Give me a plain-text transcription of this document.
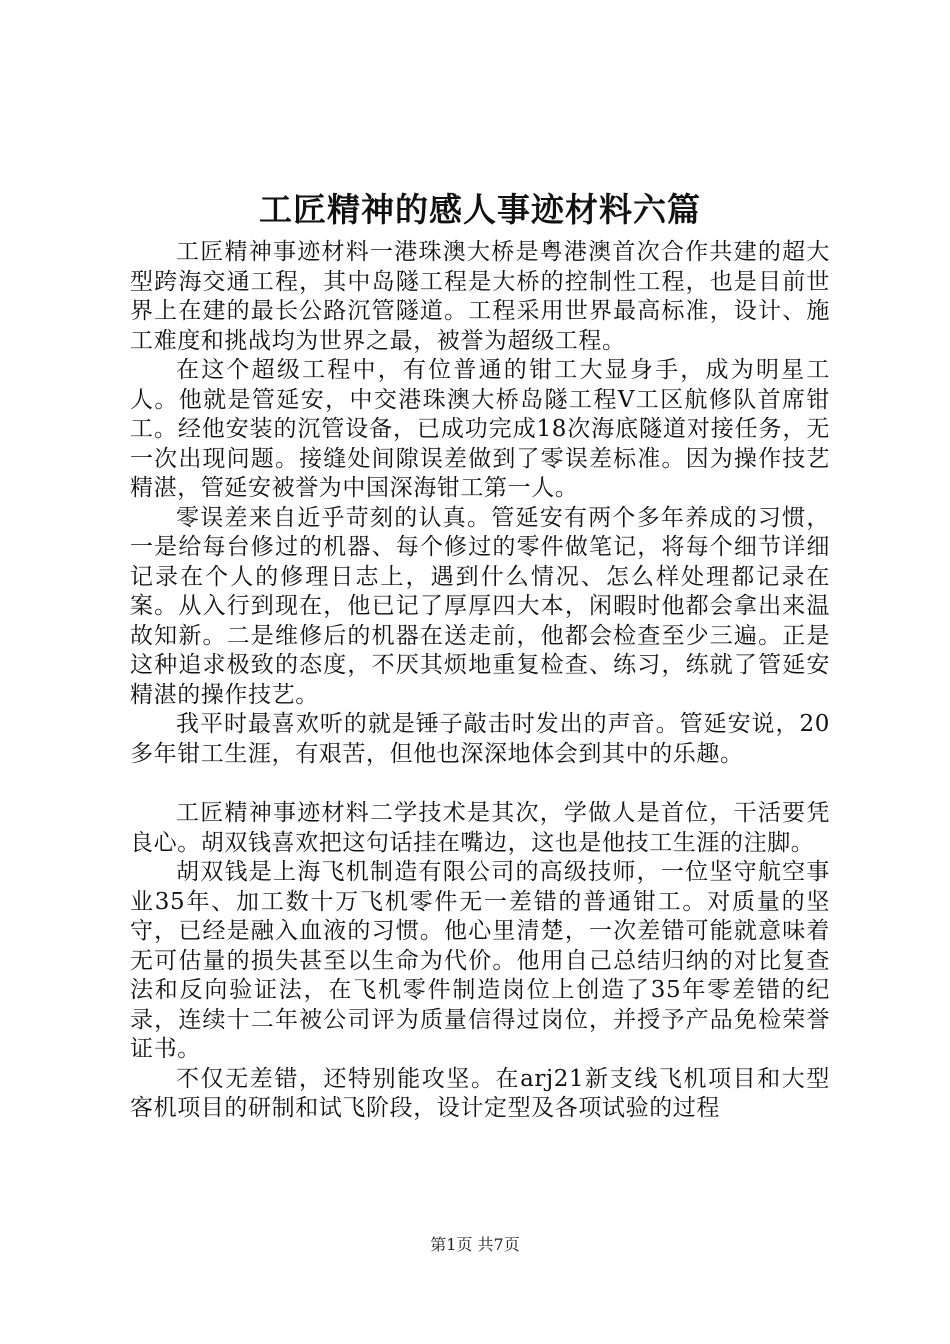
工匠精神的感人事迹材料六篇

工匠精神事迹材料一港珠澳大桥是粤港澳首次合作共建的超大型跨海交通工程，其中岛隧工程是大桥的控制性工程，也是目前世界上在建的最长公路沉管隧道。工程采用世界最高标准，设计、施工难度和挑战均为世界之最，被誉为超级工程。

在这个超级工程中，有位普通的钳工大显身手，成为明星工人。他就是管延安，中交港珠澳大桥岛隧工程Ⅴ工区航修队首席钳工。经他安装的沉管设备，已成功完成18次海底隧道对接任务，无一次出现问题。接缝处间隙误差做到了零误差标准。因为操作技艺精湛，管延安被誉为中国深海钳工第一人。

零误差来自近乎苛刻的认真。管延安有两个多年养成的习惯，一是给每台修过的机器、每个修过的零件做笔记，将每个细节详细记录在个人的修理日志上，遇到什么情况、怎么样处理都记录在案。从入行到现在，他已记了厚厚四大本，闲暇时他都会拿出来温故知新。二是维修后的机器在送走前，他都会检查至少三遍。正是这种追求极致的态度，不厌其烦地重复检查、练习，练就了管延安精湛的操作技艺。

我平时最喜欢听的就是锤子敲击时发出的声音。管延安说，20多年钳工生涯，有艰苦，但他也深深地体会到其中的乐趣。

工匠精神事迹材料二学技术是其次，学做人是首位，干活要凭良心。胡双钱喜欢把这句话挂在嘴边，这也是他技工生涯的注脚。

胡双钱是上海飞机制造有限公司的高级技师，一位坚守航空事业35年、加工数十万飞机零件无一差错的普通钳工。对质量的坚守，已经是融入血液的习惯。他心里清楚，一次差错可能就意味着无可估量的损失甚至以生命为代价。他用自己总结归纳的对比复查法和反向验证法，在飞机零件制造岗位上创造了35年零差错的纪录，连续十二年被公司评为质量信得过岗位，并授予产品免检荣誉证书。

不仅无差错，还特别能攻坚。在arj21新支线飞机项目和大型客机项目的研制和试飞阶段，设计定型及各项试验的过程

第1页 共7页
